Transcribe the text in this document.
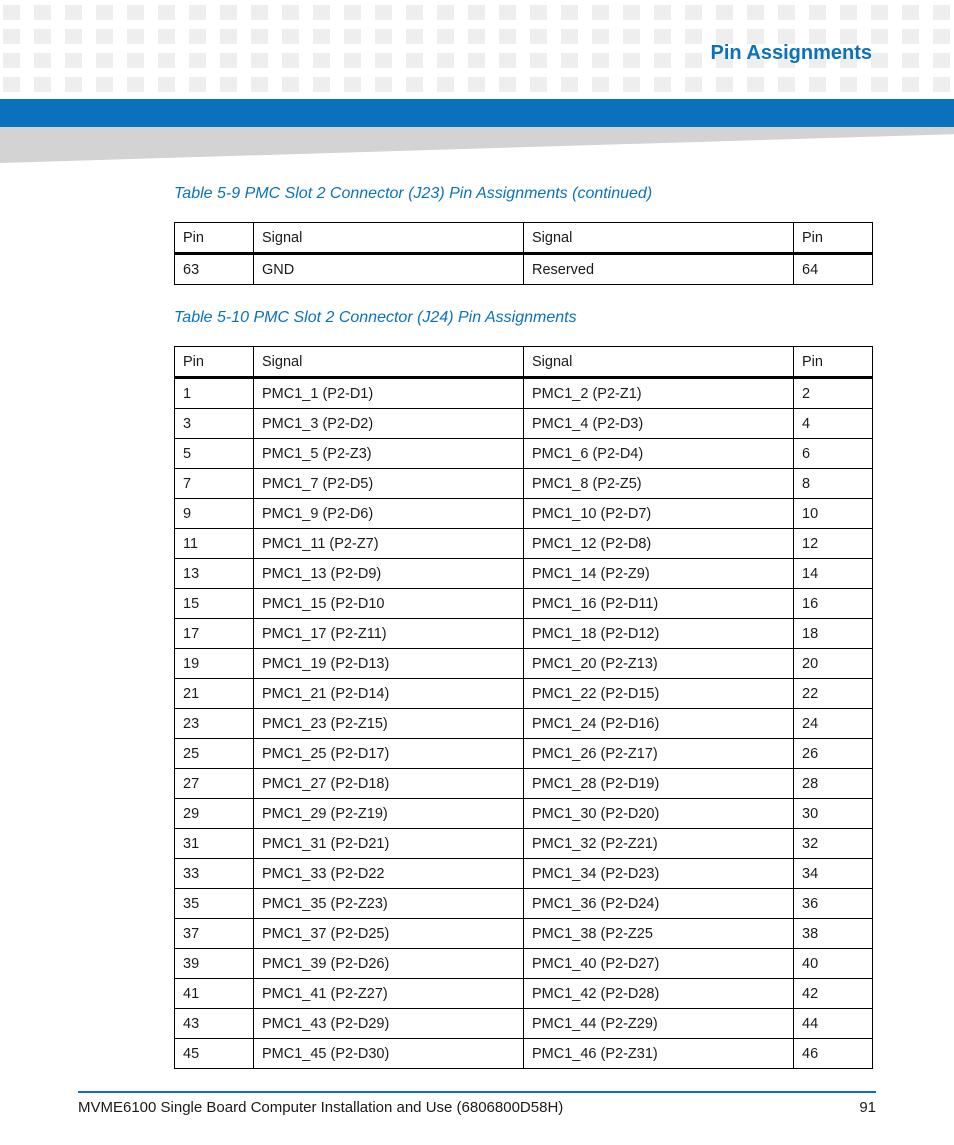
Pin Assignments
Table 5-9 PMC Slot 2 Connector (J23) Pin Assignments (continued)
Pin	Signal	Signal	Pin
63	GND	Reserved	64
Table 5-10 PMC Slot 2 Connector (J24) Pin Assignments
Pin	Signal	Signal	Pin
1	PMC1_1 (P2-D1)	PMC1_2 (P2-Z1)	2
3	PMC1_3 (P2-D2)	PMC1_4 (P2-D3)	4
5	PMC1_5 (P2-Z3)	PMC1_6 (P2-D4)	6
7	PMC1_7 (P2-D5)	PMC1_8 (P2-Z5)	8
9	PMC1_9 (P2-D6)	PMC1_10 (P2-D7)	10
11	PMC1_11 (P2-Z7)	PMC1_12 (P2-D8)	12
13	PMC1_13 (P2-D9)	PMC1_14 (P2-Z9)	14
15	PMC1_15 (P2-D10	PMC1_16 (P2-D11)	16
17	PMC1_17 (P2-Z11)	PMC1_18 (P2-D12)	18
19	PMC1_19 (P2-D13)	PMC1_20 (P2-Z13)	20
21	PMC1_21 (P2-D14)	PMC1_22 (P2-D15)	22
23	PMC1_23 (P2-Z15)	PMC1_24 (P2-D16)	24
25	PMC1_25 (P2-D17)	PMC1_26 (P2-Z17)	26
27	PMC1_27 (P2-D18)	PMC1_28 (P2-D19)	28
29	PMC1_29 (P2-Z19)	PMC1_30 (P2-D20)	30
31	PMC1_31 (P2-D21)	PMC1_32 (P2-Z21)	32
33	PMC1_33 (P2-D22	PMC1_34 (P2-D23)	34
35	PMC1_35 (P2-Z23)	PMC1_36 (P2-D24)	36
37	PMC1_37 (P2-D25)	PMC1_38 (P2-Z25	38
39	PMC1_39 (P2-D26)	PMC1_40 (P2-D27)	40
41	PMC1_41 (P2-Z27)	PMC1_42 (P2-D28)	42
43	PMC1_43 (P2-D29)	PMC1_44 (P2-Z29)	44
45	PMC1_45 (P2-D30)	PMC1_46 (P2-Z31)	46
MVME6100 Single Board Computer Installation and Use (6806800D58H)	91
